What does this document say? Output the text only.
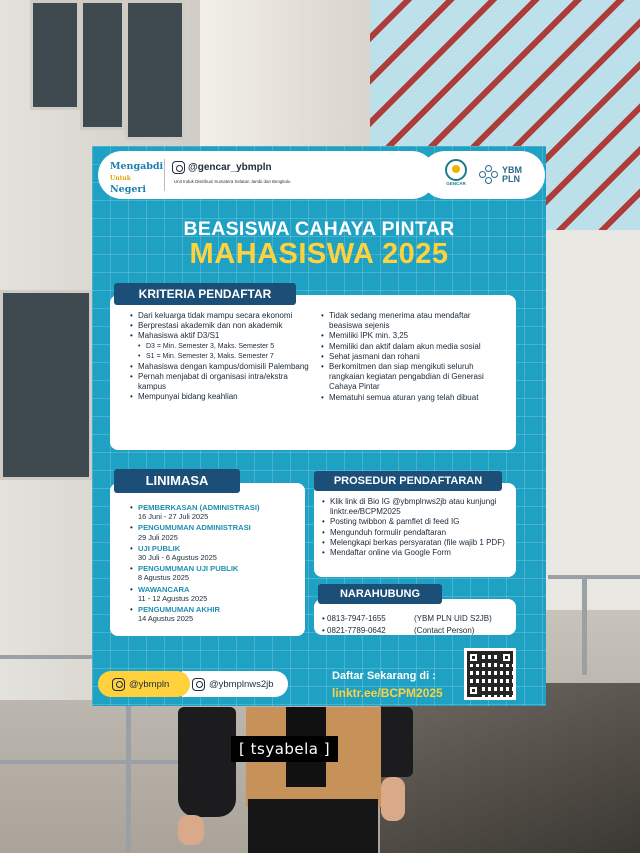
[ tsyabela ]
Mengabdi
Untuk Negeri
@gencar_ybmpln
Unit Induk Distribusi Sumatera Selatan Jambi dan Bengkulu	GENCAR
YBM
PLN
BEASISWA CAHAYA PINTAR
MAHASISWA 2025
• Dari keluarga tidak mampu secara ekonomi
• Berprestasi akademik dan non akademik
• Mahasiswa aktif D3/S1
• D3 = Min. Semester 3, Maks. Semester 5
• S1 = Min. Semester 3, Maks. Semester 7
• Mahasiswa dengan kampus/domisili Palembang
• Pernah menjabat di organisasi intra/ekstra kampus
• Mempunyai bidang keahlian
• Tidak sedang menerima atau mendaftar beasiswa sejenis
• Memiliki IPK min. 3,25
• Memiliki dan aktif dalam akun media sosial
• Sehat jasmani dan rohani
• Berkomitmen dan siap mengikuti seluruh rangkaian kegiatan pengabdian di Generasi Cahaya Pintar
• Mematuhi semua aturan yang telah dibuat
KRITERIA PENDAFTAR
• PEMBERKASAN (ADMINISTRASI)
16 Juni - 27 Juli 2025
• PENGUMUMAN ADMINISTRASI
29 Juli 2025
• UJI PUBLIK
30 Juli - 6 Agustus 2025
• PENGUMUMAN UJI PUBLIK
8 Agustus 2025
• WAWANCARA
11 - 12 Agustus 2025
• PENGUMUMAN AKHIR
14 Agustus 2025
LINIMASA
• Klik link di Bio IG @ybmplnws2jb atau kunjungi linktr.ee/BCPM2025
• Posting twibbon & pamflet di feed IG
• Mengunduh formulir pendaftaran
• Melengkapi berkas persyaratan (file wajib 1 PDF)
• Mendaftar online via Google Form
PROSEDUR PENDAFTARAN
• 0813-7947-1655	(YBM PLN UID S2JB)
• 0821-7789-0642	(Contact Person)
NARAHUBUNG
@ybmplnws2jb
@ybmpln
Daftar Sekarang di :
linktr.ee/BCPM2025
